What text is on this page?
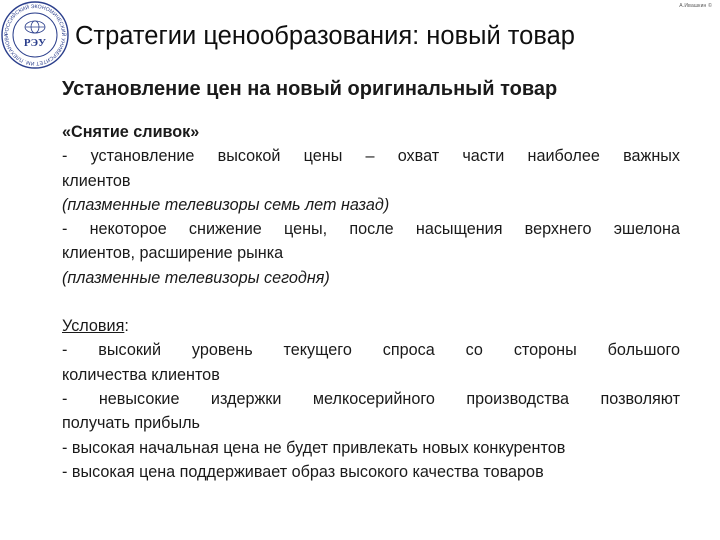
РОССИЙСКИЙ ЭКОНОМИЧЕСКИЙ УНИВЕРСИТЕТ ИМ. ПЛЕХАНОВА
РЭУ
А.Ивашкин ©
Стратегии ценообразования: новый товар
Установление цен на новый оригинальный товар

«Снятие сливок»

- установление высокой цены – охват части наиболее важных

клиентов

(плазменные телевизоры семь лет назад)

- некоторое снижение цены, после насыщения верхнего эшелона

клиентов, расширение рынка

(плазменные телевизоры сегодня)

Условия:

- высокий уровень текущего спроса со стороны большого

количества клиентов

- невысокие издержки мелкосерийного производства позволяют

получать прибыль

- высокая начальная цена не будет привлекать новых конкурентов

- высокая цена поддерживает образ высокого качества товаров
